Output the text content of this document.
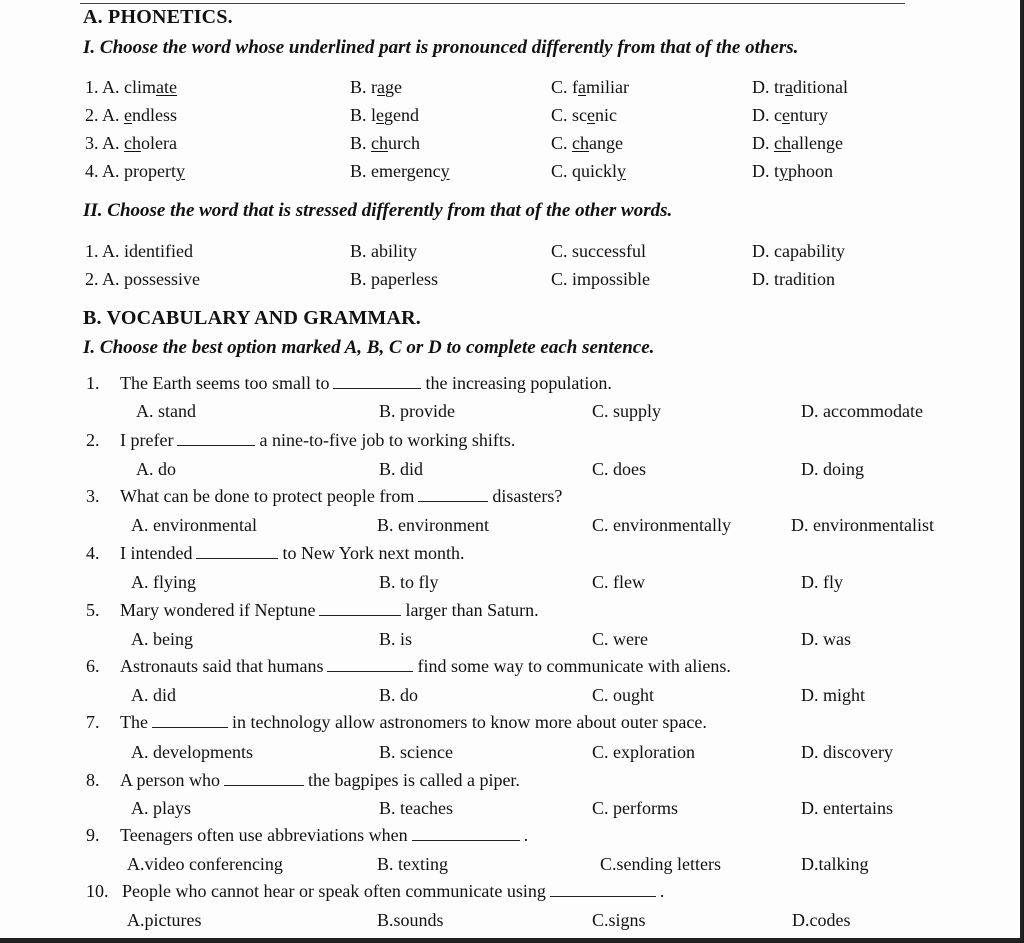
A. PHONETICS.
I. Choose the word whose underlined part is pronounced differently from that of the others.
1. A. climate	B. rage	C. familiar	D. traditional
2. A. endless	B. legend	C. scenic	D. century
3. A. cholera	B. church	C. change	D. challenge
4. A. property	B. emergency	C. quickly	D. typhoon
II. Choose the word that is stressed differently from that of the other words.
1. A. identified	B. ability	C. successful	D. capability
2. A. possessive	B. paperless	C. impossible	D. tradition
B. VOCABULARY AND GRAMMAR.
I. Choose the best option marked A, B, C or D to complete each sentence.
1. The Earth seems too small to	the increasing population.
A. stand	B. provide	C. supply	D. accommodate
2. I prefer	a nine-to-five job to working shifts.
A. do	B. did	C. does	D. doing
3. What can be done to protect people from	disasters?
A. environmental	B. environment	C. environmentally	D. environmentalist
4. I intended	to New York next month.
A. flying	B. to fly	C. flew	D. fly
5. Mary wondered if Neptune	larger than Saturn.
A. being	B. is	C. were	D. was
6. Astronauts said that humans	find some way to communicate with aliens.
A. did	B. do	C. ought	D. might
7. The	in technology allow astronomers to know more about outer space.
A. developments	B. science	C. exploration	D. discovery
8. A person who	the bagpipes is called a piper.
A. plays	B. teaches	C. performs	D. entertains
9. Teenagers often use abbreviations when	.
A.video conferencing	B. texting	C.sending letters	D.talking
10. People who cannot hear or speak often communicate using	.
A.pictures	B.sounds	C.signs	D.codes
